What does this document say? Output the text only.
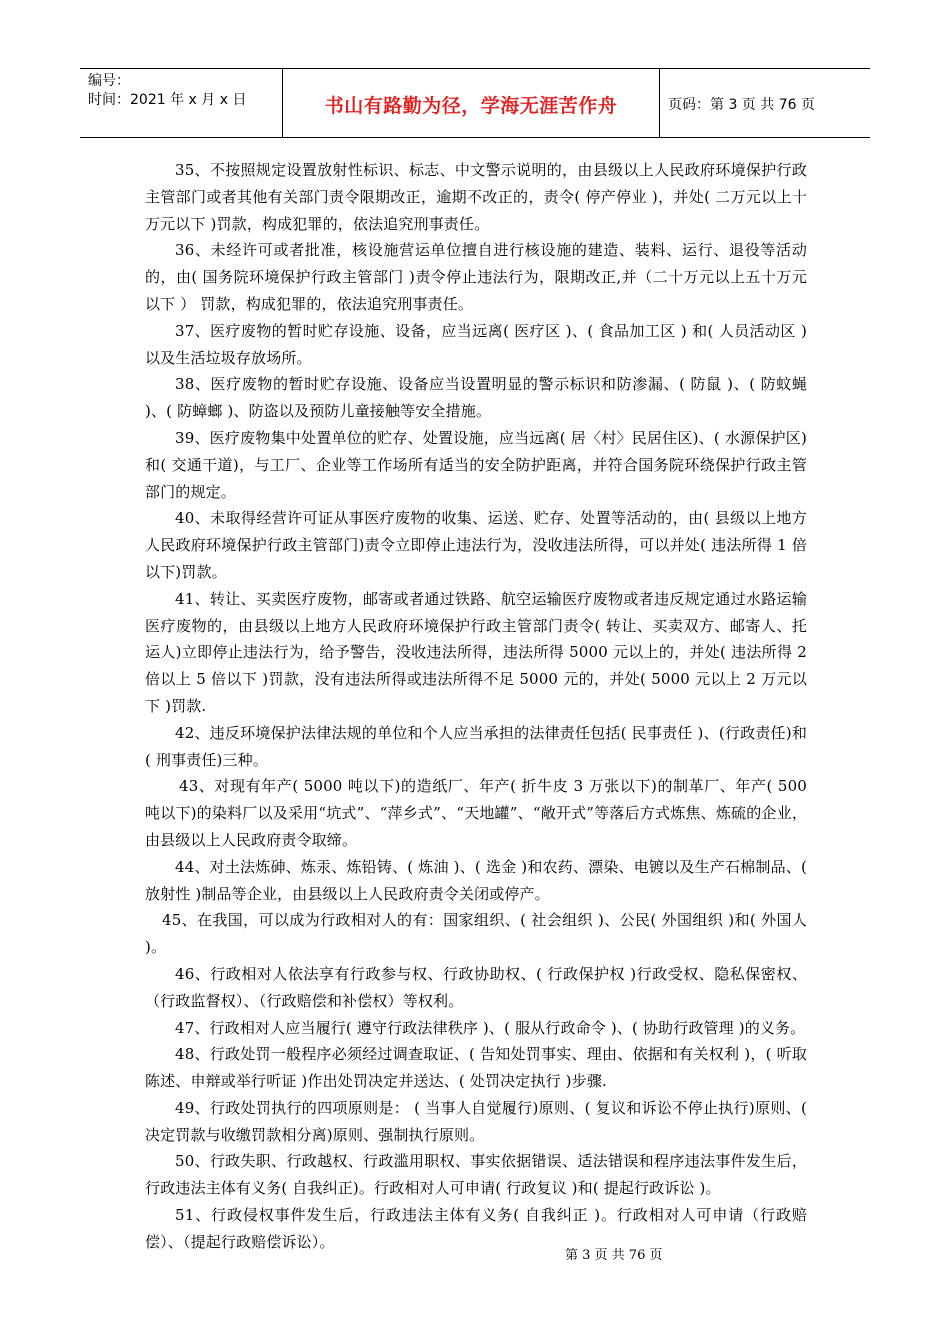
编号：
时间：2021 年 x 月 x 日	书山有路勤为径，学海无涯苦作舟	页码：第 3 页 共 76 页

35、不按照规定设置放射性标识、标志、中文警示说明的，由县级以上人民政府环境保护行政主管部门或者其他有关部门责令限期改正，逾期不改正的，责令( 停产停业 )，并处( 二万元以上十万元以下 )罚款，构成犯罪的，依法追究刑事责任。

36、未经许可或者批准，核设施营运单位擅自进行核设施的建造、装料、运行、退役等活动的，由( 国务院环境保护行政主管部门 )责令停止违法行为，限期改正,并（二十万元以上五十万元以下 ） 罚款，构成犯罪的，依法追究刑事责任。

37、医疗废物的暂时贮存设施、设备，应当远离( 医疗区 )、( 食品加工区 ) 和( 人员活动区 )以及生活垃圾存放场所。

38、医疗废物的暂时贮存设施、设备应当设置明显的警示标识和防渗漏、( 防鼠 )、( 防蚊蝇 )、( 防蟑螂 )、防盗以及预防儿童接触等安全措施。

39、医疗废物集中处置单位的贮存、处置设施，应当远离( 居〈村〉民居住区)、( 水源保护区)和( 交通干道)，与工厂、企业等工作场所有适当的安全防护距离，并符合国务院环绕保护行政主管部门的规定。

40、未取得经营许可证从事医疗废物的收集、运送、贮存、处置等活动的，由( 县级以上地方人民政府环境保护行政主管部门)责令立即停止违法行为，没收违法所得，可以并处( 违法所得 1 倍以下)罚款。

41、转让、买卖医疗废物，邮寄或者通过铁路、航空运输医疗废物或者违反规定通过水路运输医疗废物的，由县级以上地方人民政府环境保护行政主管部门责令( 转让、买卖双方、邮寄人、托运人)立即停止违法行为，给予警告，没收违法所得，违法所得 5000 元以上的，并处( 违法所得 2 倍以上 5 倍以下 )罚款，没有违法所得或违法所得不足 5000 元的，并处( 5000 元以上 2 万元以下 )罚款.

42、违反环境保护法律法规的单位和个人应当承担的法律责任包括( 民事责任 )、(行政责任)和( 刑事责任)三种。

43、对现有年产( 5000 吨以下)的造纸厂、年产( 折牛皮 3 万张以下)的制革厂、年产( 500 吨以下)的染料厂以及采用“坑式”、“萍乡式”、“天地罐”、“敞开式”等落后方式炼焦、炼硫的企业，由县级以上人民政府责令取缔。

44、对土法炼砷、炼汞、炼铅铸、( 炼油 )、( 选金 )和农药、漂染、电镀以及生产石棉制品、( 放射性 )制品等企业，由县级以上人民政府责令关闭或停产。

45、在我国，可以成为行政相对人的有：国家组织、( 社会组织 )、公民( 外国组织 )和( 外国人 )。

46、行政相对人依法享有行政参与权、行政协助权、( 行政保护权 )行政受权、隐私保密权、（行政监督权）、（行政赔偿和补偿权）等权利。

47、行政相对人应当履行( 遵守行政法律秩序 )、( 服从行政命令 )、( 协助行政管理 )的义务。

48、行政处罚一般程序必须经过调查取证、( 告知处罚事实、理由、依据和有关权利 )，( 听取陈述、申辩或举行听证 )作出处罚决定并送达、( 处罚决定执行 )步骤.

49、行政处罚执行的四项原则是： ( 当事人自觉履行)原则、( 复议和诉讼不停止执行)原则、( 决定罚款与收缴罚款相分离)原则、强制执行原则。

50、行政失职、行政越权、行政滥用职权、事实依据错误、适法错误和程序违法事件发生后，行政违法主体有义务( 自我纠正)。行政相对人可申请( 行政复议 )和( 提起行政诉讼 )。

51、行政侵权事件发生后，行政违法主体有义务( 自我纠正 )。行政相对人可申请（行政赔偿）、（提起行政赔偿诉讼）。

第 3 页 共 76 页
